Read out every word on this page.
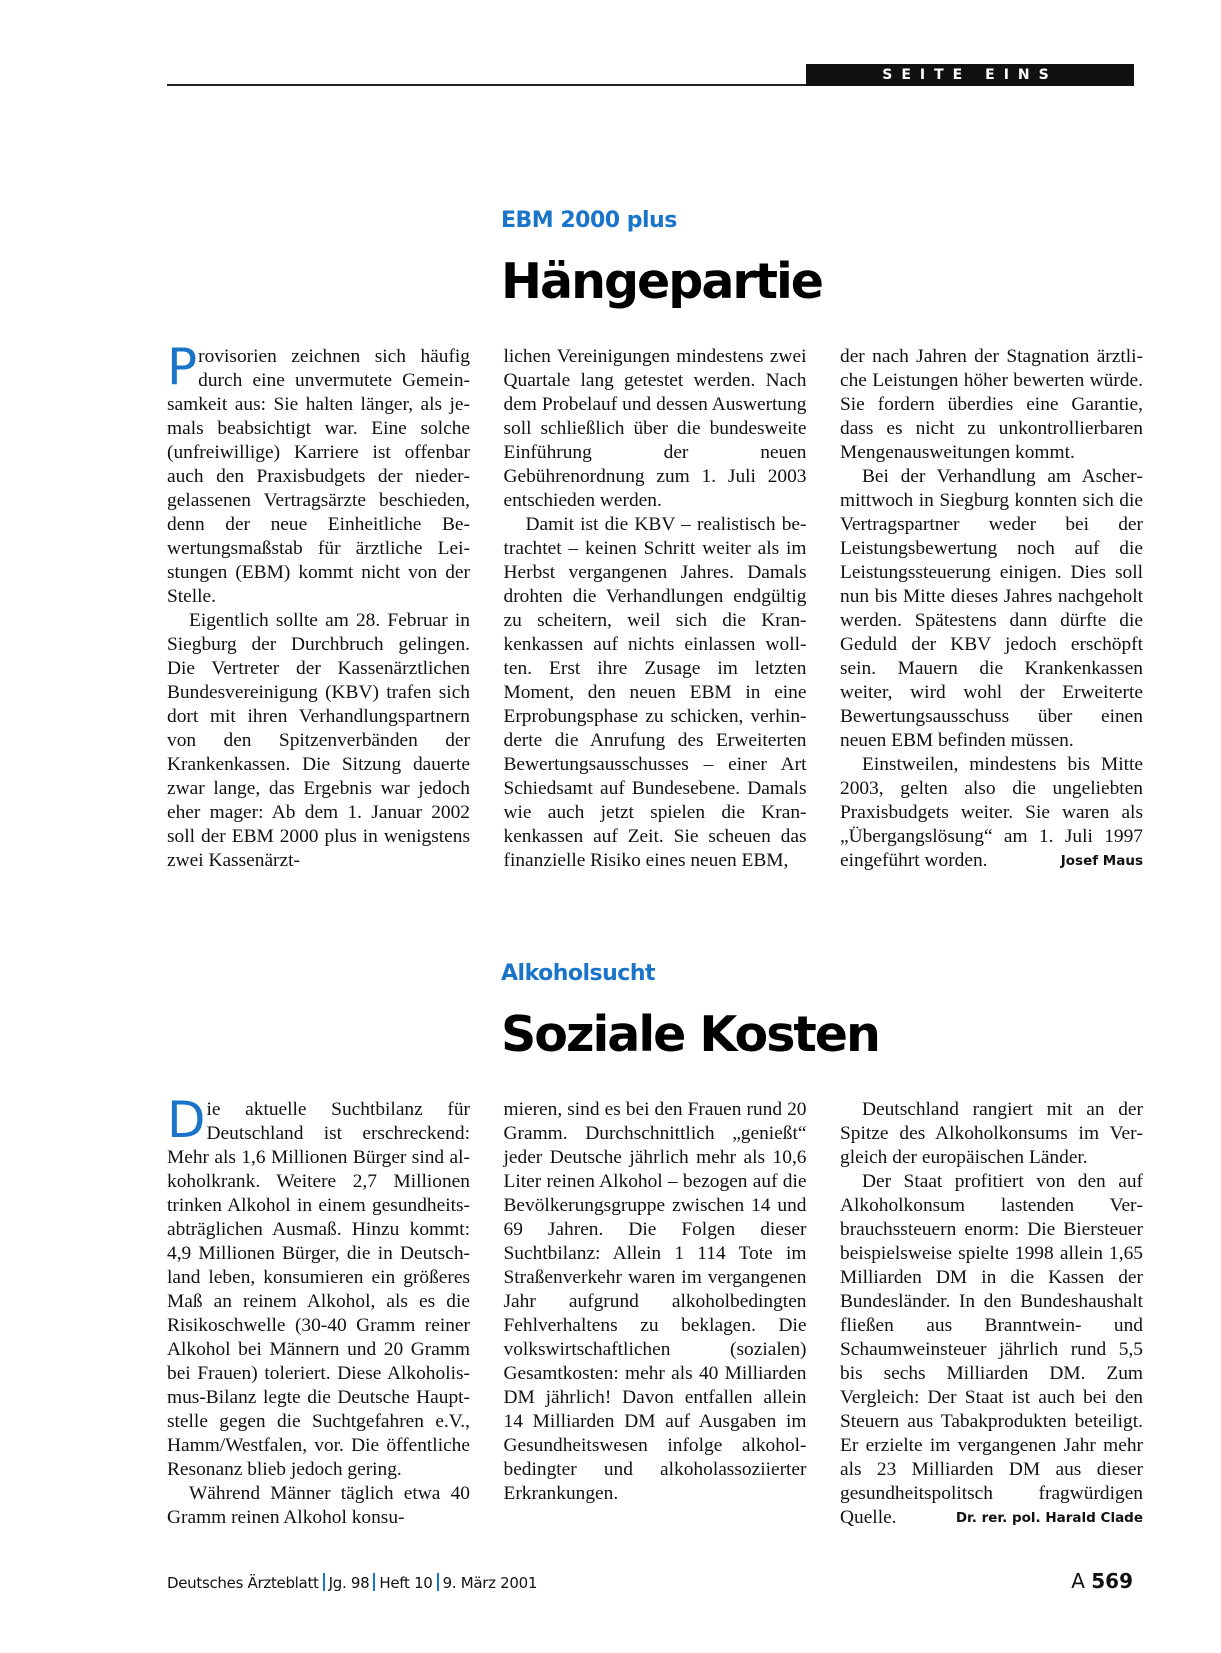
SEITE EINS
EBM 2000 plus
Hängepartie

Provisorien zeichnen sich häufig durch eine unvermutete Gemeinsamkeit aus: Sie halten länger, als jemals beabsichtigt war. Eine solche (unfreiwillige) Karriere ist offenbar auch den Praxisbudgets der niedergelassenen Vertragsärzte beschieden, denn der neue Einheitliche Bewertungsmaßstab für ärztliche Leistungen (EBM) kommt nicht von der Stelle.

Eigentlich sollte am 28. Februar in Siegburg der Durchbruch gelingen. Die Vertreter der Kassenärztlichen Bundesvereinigung (KBV) trafen sich dort mit ihren Verhandlungspartnern von den Spitzenverbänden der Krankenkassen. Die Sitzung dauerte zwar lange, das Ergebnis war jedoch eher mager: Ab dem 1. Januar 2002 soll der EBM 2000 plus in wenigstens zwei Kassenärzt-

lichen Vereinigungen mindestens zwei Quartale lang getestet werden. Nach dem Probelauf und dessen Auswertung soll schließlich über die bundesweite Einführung der neuen Gebührenordnung zum 1. Juli 2003 entschieden werden.

Damit ist die KBV – realistisch betrachtet – keinen Schritt weiter als im Herbst vergangenen Jahres. Damals drohten die Verhandlungen endgültig zu scheitern, weil sich die Krankenkassen auf nichts einlassen wollten. Erst ihre Zusage im letzten Moment, den neuen EBM in eine Erprobungsphase zu schicken, verhinderte die Anrufung des Erweiterten Bewertungsausschusses – einer Art Schiedsamt auf Bundesebene. Damals wie auch jetzt spielen die Krankenkassen auf Zeit. Sie scheuen das finanzielle Risiko eines neuen EBM,

der nach Jahren der Stagnation ärztliche Leistungen höher bewerten würde. Sie fordern überdies eine Garantie, dass es nicht zu unkontrollierbaren Mengenausweitungen kommt.

Bei der Verhandlung am Aschermittwoch in Siegburg konnten sich die Vertragspartner weder bei der Leistungsbewertung noch auf die Leistungssteuerung einigen. Dies soll nun bis Mitte dieses Jahres nachgeholt werden. Spätestens dann dürfte die Geduld der KBV jedoch erschöpft sein. Mauern die Krankenkassen weiter, wird wohl der Erweiterte Bewertungsausschuss über einen neuen EBM befinden müssen.

Einstweilen, mindestens bis Mitte 2003, gelten also die ungeliebten Praxisbudgets weiter. Sie waren als „Übergangslösung“ am 1. Juli 1997 eingeführt worden.	Josef Maus

Alkoholsucht
Soziale Kosten

Die aktuelle Suchtbilanz für Deutschland ist erschreckend: Mehr als 1,6 Millionen Bürger sind alkoholkrank. Weitere 2,7 Millionen trinken Alkohol in einem gesundheitsabträglichen Ausmaß. Hinzu kommt: 4,9 Millionen Bürger, die in Deutschland leben, konsumieren ein größeres Maß an reinem Alkohol, als es die Risikoschwelle (30-40 Gramm reiner Alkohol bei Männern und 20 Gramm bei Frauen) toleriert. Diese Alkoholismus-Bilanz legte die Deutsche Hauptstelle gegen die Suchtgefahren e.V., Hamm/Westfalen, vor. Die öffentliche Resonanz blieb jedoch gering.

Während Männer täglich etwa 40 Gramm reinen Alkohol konsu-

mieren, sind es bei den Frauen rund 20 Gramm. Durchschnittlich „genießt“ jeder Deutsche jährlich mehr als 10,6 Liter reinen Alkohol – bezogen auf die Bevölkerungsgruppe zwischen 14 und 69 Jahren. Die Folgen dieser Suchtbilanz: Allein 1 114 Tote im Straßenverkehr waren im vergangenen Jahr aufgrund alkoholbedingten Fehlverhaltens zu beklagen. Die volkswirtschaftlichen (sozialen) Gesamtkosten: mehr als 40 Milliarden DM jährlich! Davon entfallen allein 14 Milliarden DM auf Ausgaben im Gesundheitswesen infolge alkoholbedingter und alkoholassoziierter Erkrankungen.

Deutschland rangiert mit an der Spitze des Alkoholkonsums im Vergleich der europäischen Länder.

Der Staat profitiert von den auf Alkoholkonsum lastenden Verbrauchssteuern enorm: Die Biersteuer beispielsweise spielte 1998 allein 1,65 Milliarden DM in die Kassen der Bundesländer. In den Bundeshaushalt fließen aus Branntwein- und Schaumweinsteuer jährlich rund 5,5 bis sechs Milliarden DM. Zum Vergleich: Der Staat ist auch bei den Steuern aus Tabakprodukten beteiligt. Er erzielte im vergangenen Jahr mehr als 23 Milliarden DM aus dieser gesundheitspolitsch fragwürdigen Quelle.	Dr. rer. pol. Harald Clade

Deutsches Ärzteblatt Jg. 98 Heft 10 9. März 2001	A 569
